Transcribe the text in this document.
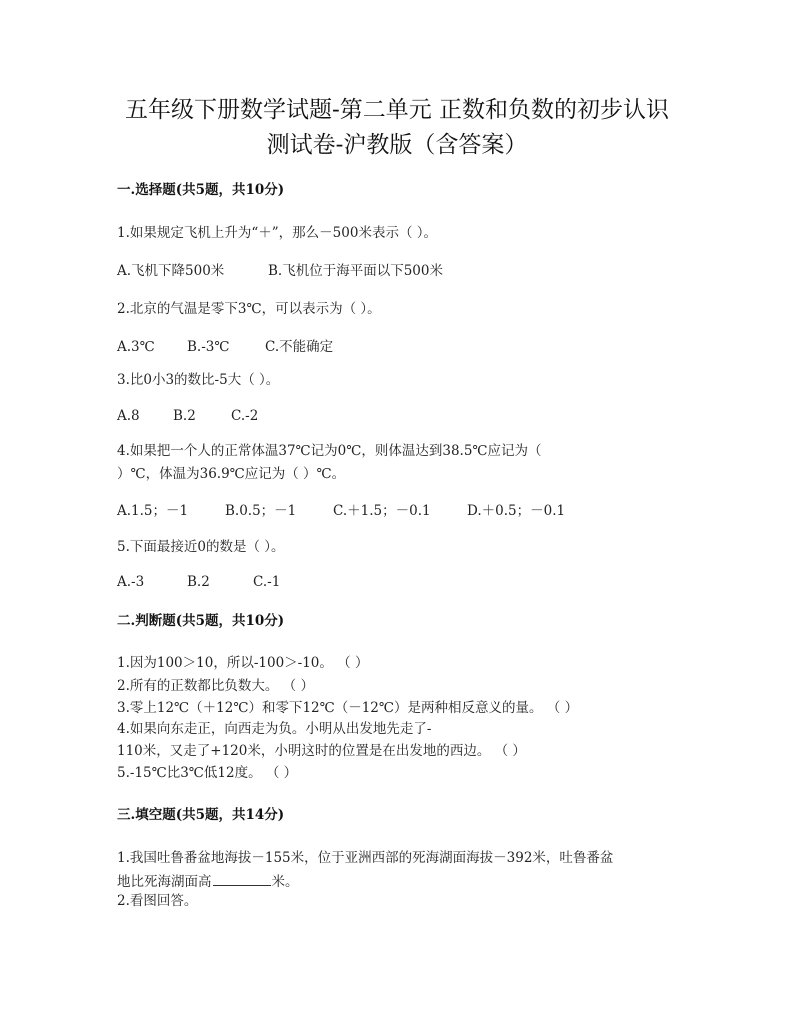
五年级下册数学试题-第二单元 正数和负数的初步认识
测试卷-沪教版（含答案）
一.选择题(共5题，共10分)
1.如果规定飞机上升为“＋”，那么－500米表示（ ）。
A.飞机下降500米	B.飞机位于海平面以下500米
2.北京的气温是零下3℃，可以表示为（ ）。
A.3℃ B.-3℃	C.不能确定
3.比0小3的数比-5大（ ）。
A.8 B.2	C.-2
4.如果把一个人的正常体温37℃记为0℃，则体温达到38.5℃应记为（
）℃，体温为36.9℃应记为（ ）℃。
A.1.5；－1	B.0.5；－1	C.＋1.5；－0.1	D.＋0.5；－0.1
5.下面最接近0的数是（ ）。
A.-3	B.2	C.-1
二.判断题(共5题，共10分)
1.因为100＞10，所以-100＞-10。 （ ）
2.所有的正数都比负数大。 （ ）
3.零上12℃（＋12℃）和零下12℃（－12℃）是两种相反意义的量。 （ ）
4.如果向东走正，向西走为负。小明从出发地先走了-
110米，又走了+120米，小明这时的位置是在出发地的西边。 （ ）
5.-15℃比3℃低12度。 （ ）
三.填空题(共5题，共14分)
1.我国吐鲁番盆地海拔－155米，位于亚洲西部的死海湖面海拔－392米，吐鲁番盆
地比死海湖面高	米。
2.看图回答。
